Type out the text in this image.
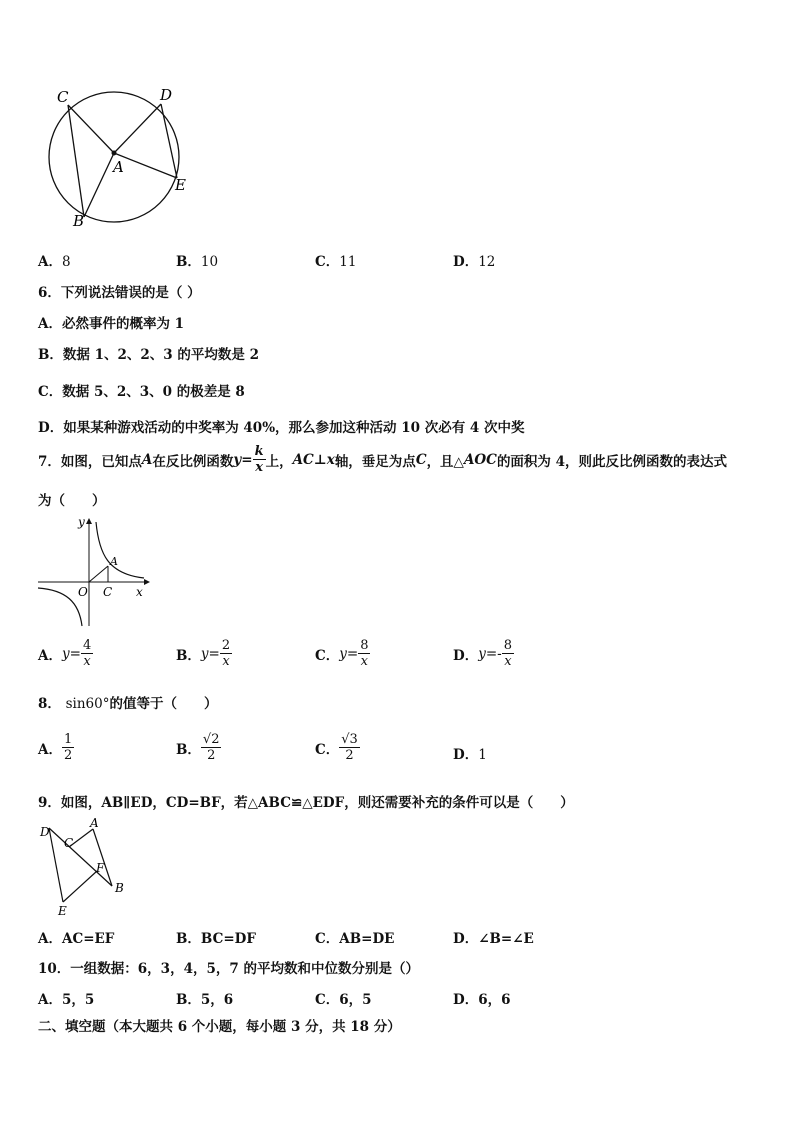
C	D
A
E
B
A．8	B．10	C．11	D．12
6．下列说法错误的是（ ）
A．必然事件的概率为 1
B．数据 1、2、2、3 的平均数是 2
C．数据 5、2、3、0 的极差是 8
D．如果某种游戏活动的中奖率为 40%，那么参加这种活动 10 次必有 4 次中奖
7．如图，已知点 A 在反比例函数 $y = \frac{k}{x}$ 上， AC⊥x 轴，垂足为点 C ，且△ AOC 的面积为 4，则此反比例函数的表达式
为（　　）
y
A
O C x
A． $y= \frac{4}{x}$	B． $y= \frac{2}{x}$	C． $y= \frac{8}{x}$	D． $y=- \frac{8}{x}$
8． sin60°的值等于（　　）
A． $\frac{1}{2}$	B． $\frac{√2}{2}$	C． $\frac{√3}{2}$	D．1
9．如图，AB∥ED，CD=BF，若△ABC≌△EDF，则还需要补充的条件可以是（　　）
D
A
C
F
B
E
A．AC=EF	B．BC=DF	C．AB=DE	D．∠B=∠E
10．一组数据：6，3，4，5，7 的平均数和中位数分别是（）
A．5，5	B．5，6	C．6，5	D．6，6
二、填空题（本大题共 6 个小题，每小题 3 分，共 18 分）
